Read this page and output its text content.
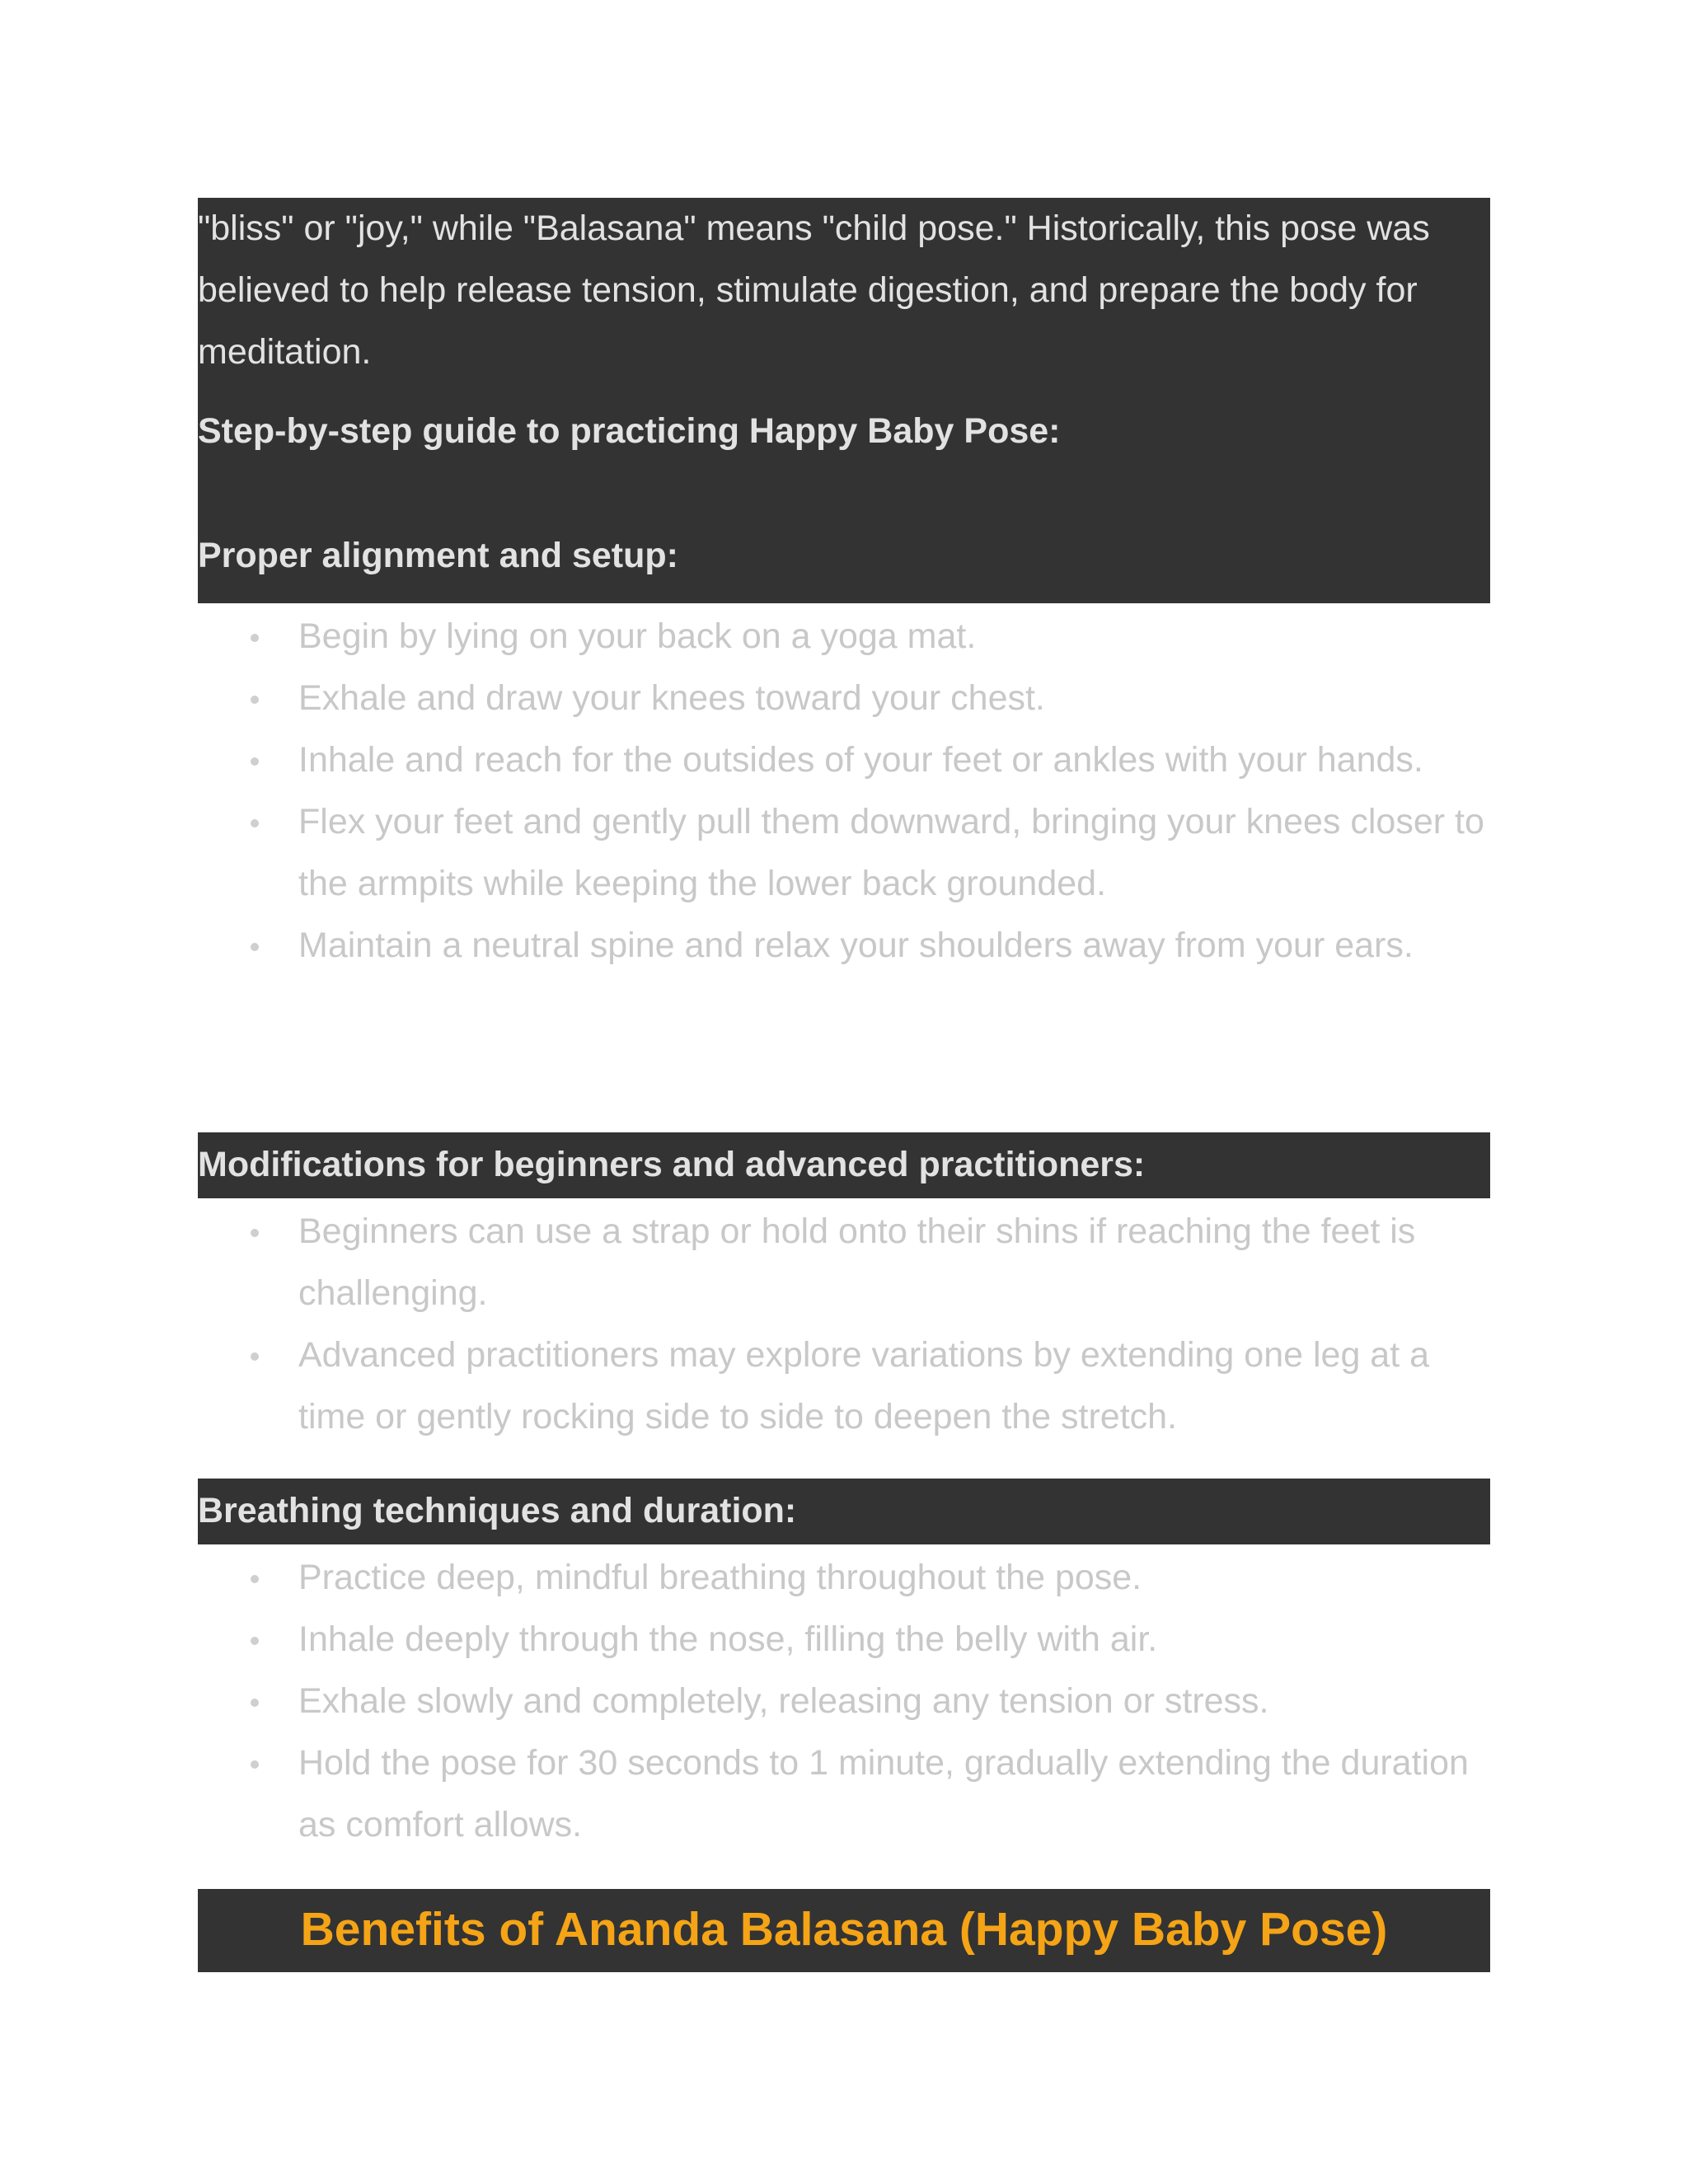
"bliss" or "joy," while "Balasana" means "child pose." Historically, this pose was believed to help release tension, stimulate digestion, and prepare the body for meditation.

Step-by-step guide to practicing Happy Baby Pose:
Proper alignment and setup:
Begin by lying on your back on a yoga mat.
Exhale and draw your knees toward your chest.
Inhale and reach for the outsides of your feet or ankles with your hands.
Flex your feet and gently pull them downward, bringing your knees closer to the armpits while keeping the lower back grounded.
Maintain a neutral spine and relax your shoulders away from your ears.
Modifications for beginners and advanced practitioners:
Beginners can use a strap or hold onto their shins if reaching the feet is challenging.
Advanced practitioners may explore variations by extending one leg at a time or gently rocking side to side to deepen the stretch.
Breathing techniques and duration:
Practice deep, mindful breathing throughout the pose.
Inhale deeply through the nose, filling the belly with air.
Exhale slowly and completely, releasing any tension or stress.
Hold the pose for 30 seconds to 1 minute, gradually extending the duration as comfort allows.
Benefits of Ananda Balasana (Happy Baby Pose)
